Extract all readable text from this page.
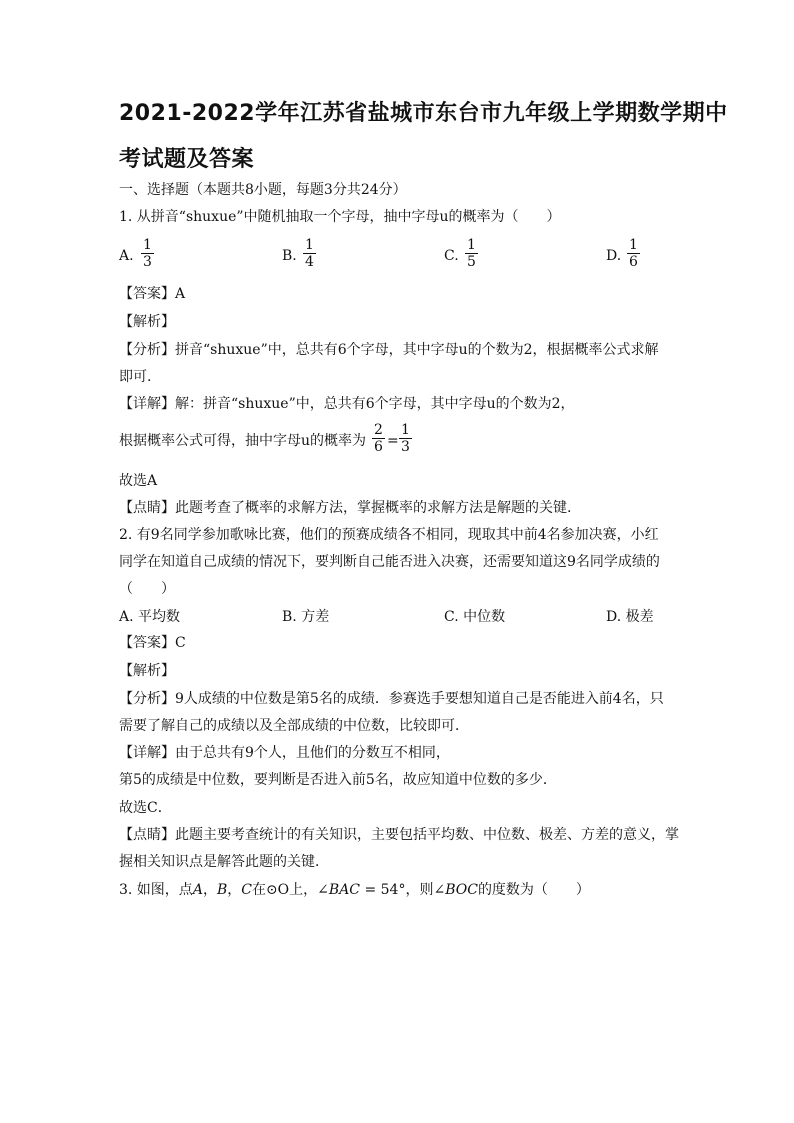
2021-2022学年江苏省盐城市东台市九年级上学期数学期中
考试题及答案
一、选择题（本题共8小题，每题3分共24分）
1. 从拼音“shuxue”中随机抽取一个字母，抽中字母u的概率为（　　）
A.
1
3	B.
1
4	C.
1
5	D.
1
6
【答案】A
【解析】
【分析】拼音“shuxue”中，总共有6个字母，其中字母u的个数为2，根据概率公式求解
即可.
【详解】解：拼音“shuxue”中，总共有6个字母，其中字母u的个数为2，
根据概率公式可得，抽中字母u的概率为
2
6 =
1
3
故选A
【点睛】此题考查了概率的求解方法，掌握概率的求解方法是解题的关键.
2. 有9名同学参加歌咏比赛，他们的预赛成绩各不相同，现取其中前4名参加决赛，小红
同学在知道自己成绩的情况下，要判断自己能否进入决赛，还需要知道这9名同学成绩的
（　　）
A. 平均数	B. 方差	C. 中位数	D. 极差
【答案】C
【解析】
【分析】9人成绩的中位数是第5名的成绩．参赛选手要想知道自己是否能进入前4名，只
需要了解自己的成绩以及全部成绩的中位数，比较即可．
【详解】由于总共有9个人，且他们的分数互不相同，
第5的成绩是中位数，要判断是否进入前5名，故应知道中位数的多少．
故选C．
【点睛】此题主要考查统计的有关知识，主要包括平均数、中位数、极差、方差的意义，掌
握相关知识点是解答此题的关键．
3. 如图，点A，B，C在⊙O上，∠BAC = 54°，则∠BOC的度数为（　　）
